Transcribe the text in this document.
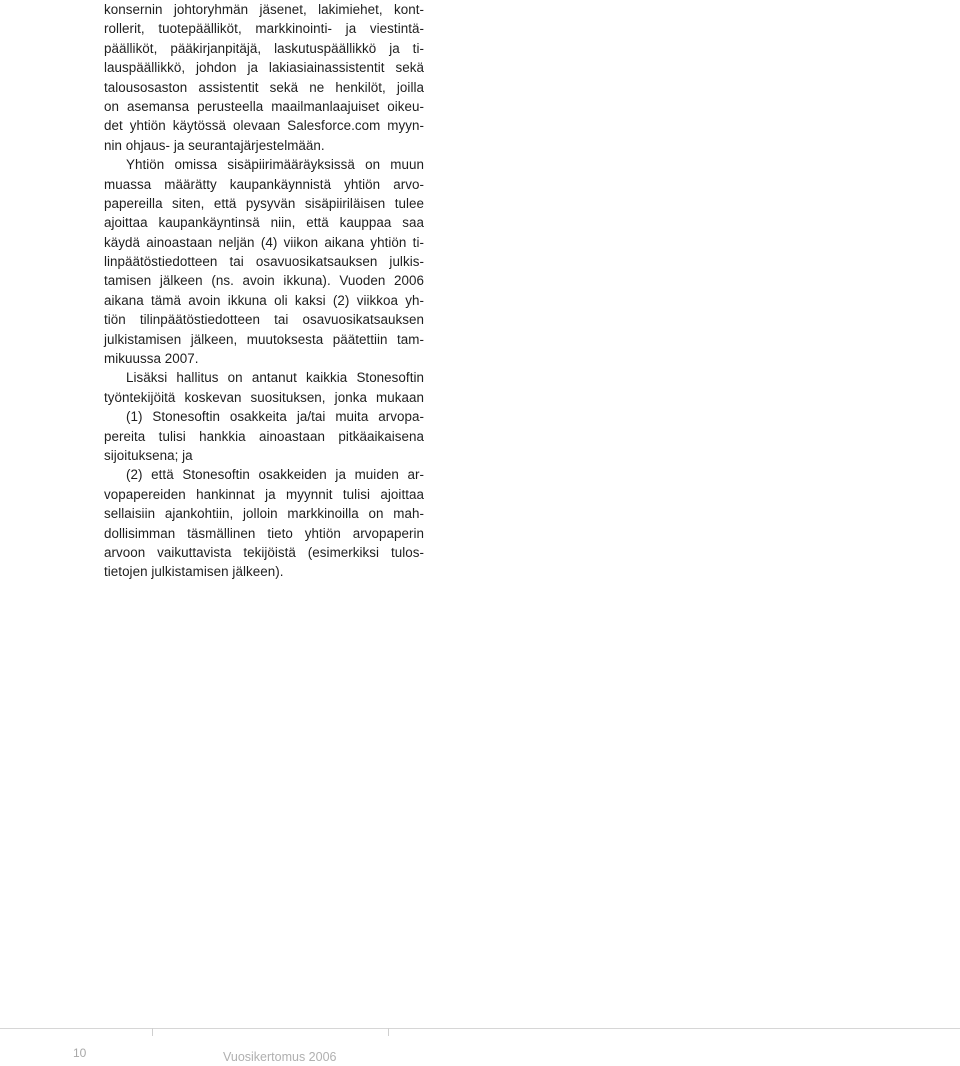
konsernin johtoryhmän jäsenet, lakimiehet, kont-
rollerit, tuotepäälliköt, markkinointi- ja viestintä-
päälliköt, pääkirjanpitäjä, laskutuspäällikkö ja ti-
lauspäällikkö, johdon ja lakiasiainassistentit sekä
talousosaston assistentit sekä ne henkilöt, joilla
on asemansa perusteella maailmanlaajuiset oikeu-
det yhtiön käytössä olevaan Salesforce.com myyn-
nin ohjaus- ja seurantajärjestelmään.
Yhtiön omissa sisäpiirimääräyksissä on muun
muassa määrätty kaupankäynnistä yhtiön arvo-
papereilla siten, että pysyvän sisäpiiriläisen tulee
ajoittaa kaupankäyntinsä niin, että kauppaa saa
käydä ainoastaan neljän (4) viikon aikana yhtiön ti-
linpäätöstiedotteen tai osavuosikatsauksen julkis-
tamisen jälkeen (ns. avoin ikkuna). Vuoden 2006
aikana tämä avoin ikkuna oli kaksi (2) viikkoa yh-
tiön tilinpäätöstiedotteen tai osavuosikatsauksen
julkistamisen jälkeen, muutoksesta päätettiin tam-
mikuussa 2007.
Lisäksi hallitus on antanut kaikkia Stonesoftin
työntekijöitä koskevan suosituksen, jonka mukaan
(1) Stonesoftin osakkeita ja/tai muita arvopa-
pereita tulisi hankkia ainoastaan pitkäaikaisena
sijoituksena; ja
(2) että Stonesoftin osakkeiden ja muiden ar-
vopapereiden hankinnat ja myynnit tulisi ajoittaa
sellaisiin ajankohtiin, jolloin markkinoilla on mah-
dollisimman täsmällinen tieto yhtiön arvopaperin
arvoon vaikuttavista tekijöistä (esimerkiksi tulos-
tietojen julkistamisen jälkeen).
10	Vuosikertomus 2006
